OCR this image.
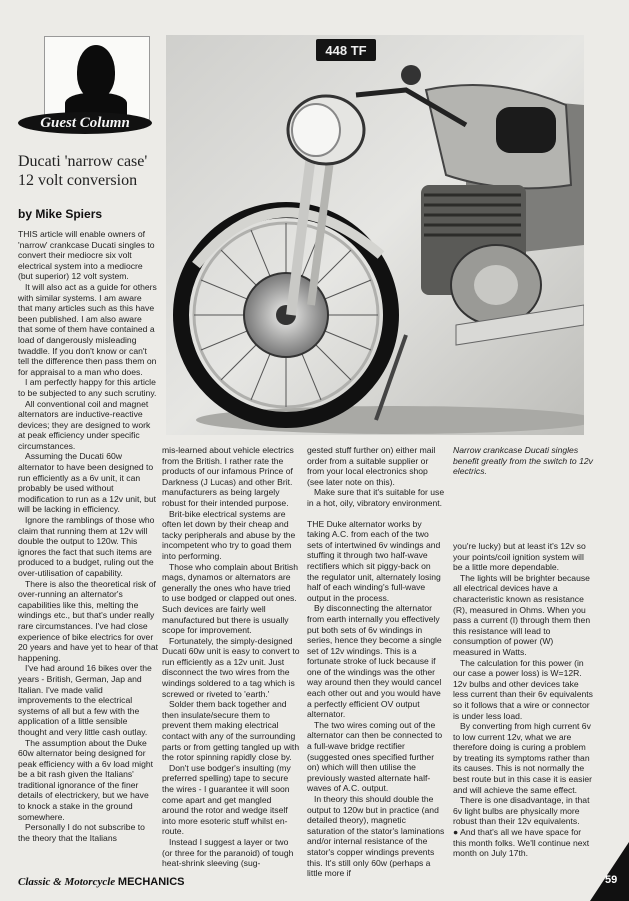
Guest Column
Ducati 'narrow case' 12 volt conversion
by Mike Spiers
448 TF

THIS article will enable owners of 'narrow' crankcase Ducati singles to convert their mediocre six volt electrical system into a mediocre (but superior) 12 volt system.

It will also act as a guide for others with similar systems. I am aware that many articles such as this have been published. I am also aware that some of them have contained a load of dangerously misleading twaddle. If you don't know or can't tell the difference then pass them on for appraisal to a man who does.

I am perfectly happy for this article to be subjected to any such scrutiny.

All conventional coil and magnet alternators are inductive-reactive devices; they are designed to work at peak efficiency under specific circumstances.

Assuming the Ducati 60w alternator to have been designed to run efficiently as a 6v unit, it can probably be used without modification to run as a 12v unit, but will be lacking in efficiency.

Ignore the ramblings of those who claim that running them at 12v will double the output to 120w. This ignores the fact that such items are produced to a budget, ruling out the over-utilisation of capability.

There is also the theoretical risk of over-running an alternator's capabilities like this, melting the windings etc., but that's under really rare circumstances. I've had close experience of bike electrics for over 20 years and have yet to hear of that happening.

I've had around 16 bikes over the years - British, German, Jap and Italian. I've made valid improvements to the electrical systems of all but a few with the application of a little sensible thought and very little cash outlay.

The assumption about the Duke 60w alternator being designed for peak efficiency with a 6v load might be a bit rash given the Italians' traditional ignorance of the finer details of electrickery, but we have to knock a stake in the ground somewhere.

Personally I do not subscribe to the theory that the Italians

mis-learned about vehicle electrics from the British. I rather rate the products of our infamous Prince of Darkness (J Lucas) and other Brit. manufacturers as being largely robust for their intended purpose.

Brit-bike electrical systems are often let down by their cheap and tacky peripherals and abuse by the incompetent who try to goad them into performing.

Those who complain about British mags, dynamos or alternators are generally the ones who have tried to use bodged or clapped out ones. Such devices are fairly well manufactured but there is usually scope for improvement.

Fortunately, the simply-designed Ducati 60w unit is easy to convert to run efficiently as a 12v unit. Just disconnect the two wires from the windings soldered to a tag which is screwed or riveted to 'earth.'

Solder them back together and then insulate/secure them to prevent them making electrical contact with any of the surrounding parts or from getting tangled up with the rotor spinning rapidly close by.

Don't use bodger's insulting (my preferred spelling) tape to secure the wires - I guarantee it will soon come apart and get mangled around the rotor and wedge itself into more esoteric stuff whilst en-route.

Instead I suggest a layer or two (or three for the paranoid) of tough heat-shrink sleeving (sug-

gested stuff further on) either mail order from a suitable supplier or from your local electronics shop (see later note on this).

Make sure that it's suitable for use in a hot, oily, vibratory environment.

THE Duke alternator works by taking A.C. from each of the two sets of intertwined 6v windings and stuffing it through two half-wave rectifiers which sit piggy-back on the regulator unit, alternately losing half of each winding's full-wave output in the process.

By disconnecting the alternator from earth internally you effectively put both sets of 6v windings in series, hence they become a single set of 12v windings. This is a fortunate stroke of luck because if one of the windings was the other way around then they would cancel each other out and you would have a perfectly efficient OV output alternator.

The two wires coming out of the alternator can then be connected to a full-wave bridge rectifier (suggested ones specified further on) which will then utilise the previously wasted alternate half-waves of A.C. output.

In theory this should double the output to 120w but in practice (and detailed theory), magnetic saturation of the stator's laminations and/or internal resistance of the stator's copper windings prevents this. It's still only 60w (perhaps a little more if

Narrow crankcase Ducati singles benefit greatly from the switch to 12v electrics.

you're lucky) but at least it's 12v so your points/coil ignition system will be a little more dependable.

The lights will be brighter because all electrical devices have a characteristic known as resistance (R), measured in Ohms. When you pass a current (I) through them then this resistance will lead to consumption of power (W) measured in Watts.

The calculation for this power (in our case a power loss) is W=12R. 12v bulbs and other devices take less current than their 6v equivalents so it follows that a wire or connector is under less load.

By converting from high current 6v to low current 12v, what we are therefore doing is curing a problem by treating its symptoms rather than its causes. This is not normally the best route but in this case it is easier and will achieve the same effect.

There is one disadvantage, in that 6v light bulbs are physically more robust than their 12v equivalents.

● And that's all we have space for this month folks. We'll continue next month on July 17th.

Classic & Motorcycle MECHANICS	59
